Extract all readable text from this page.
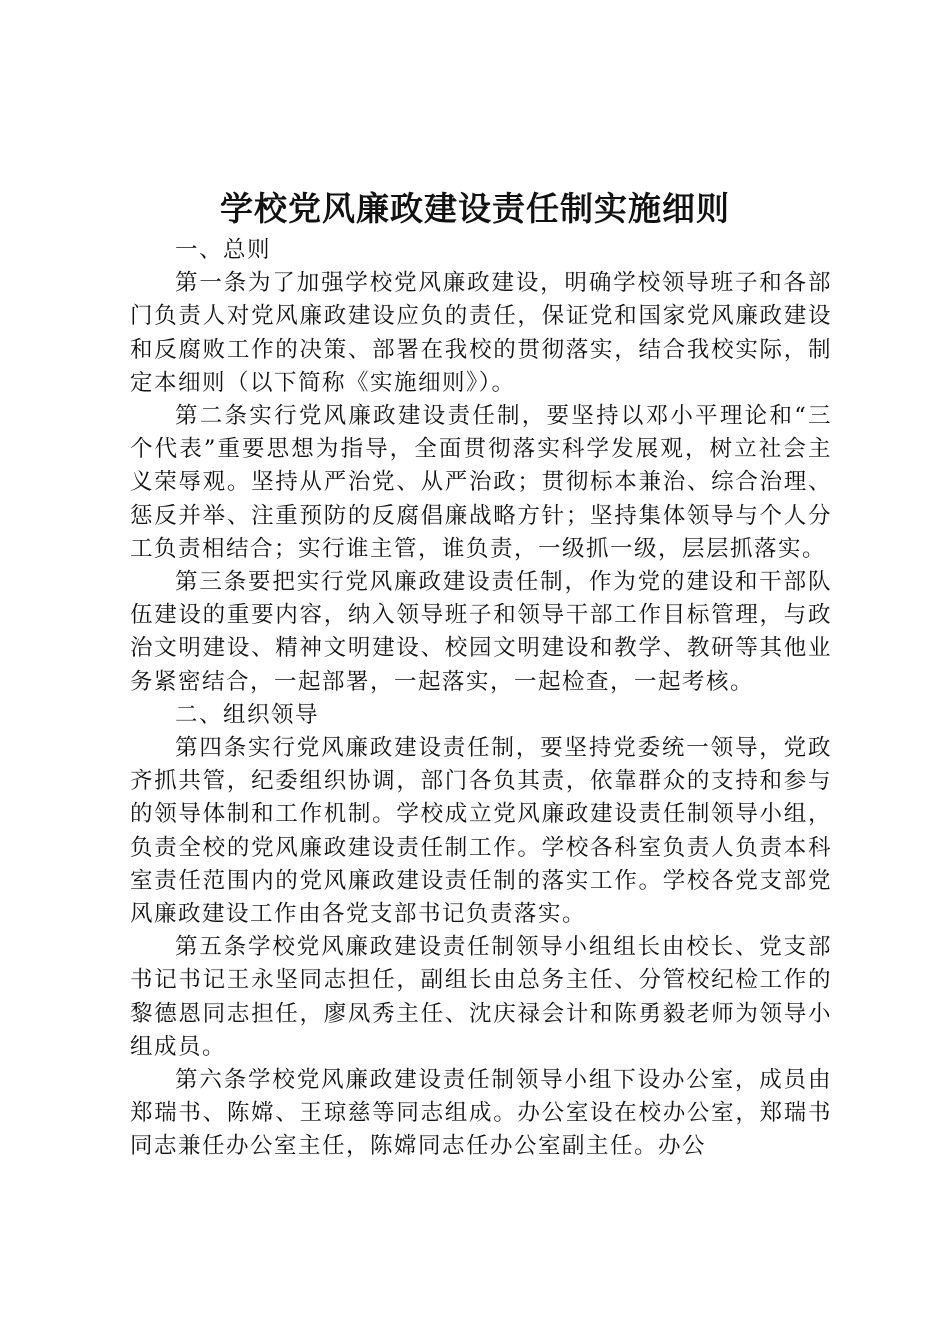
学校党风廉政建设责任制实施细则

一、总则

第一条为了加强学校党风廉政建设，明确学校领导班子和各部门负责人对党风廉政建设应负的责任，保证党和国家党风廉政建设和反腐败工作的决策、部署在我校的贯彻落实，结合我校实际，制定本细则（以下简称《实施细则》）。

第二条实行党风廉政建设责任制，要坚持以邓小平理论和“三个代表”重要思想为指导，全面贯彻落实科学发展观，树立社会主义荣辱观。坚持从严治党、从严治政；贯彻标本兼治、综合治理、惩反并举、注重预防的反腐倡廉战略方针；坚持集体领导与个人分工负责相结合；实行谁主管，谁负责，一级抓一级，层层抓落实。

第三条要把实行党风廉政建设责任制，作为党的建设和干部队伍建设的重要内容，纳入领导班子和领导干部工作目标管理，与政治文明建设、精神文明建设、校园文明建设和教学、教研等其他业务紧密结合，一起部署，一起落实，一起检查，一起考核。

二、组织领导

第四条实行党风廉政建设责任制，要坚持党委统一领导，党政齐抓共管，纪委组织协调，部门各负其责，依靠群众的支持和参与的领导体制和工作机制。学校成立党风廉政建设责任制领导小组，负责全校的党风廉政建设责任制工作。学校各科室负责人负责本科室责任范围内的党风廉政建设责任制的落实工作。学校各党支部党风廉政建设工作由各党支部书记负责落实。

第五条学校党风廉政建设责任制领导小组组长由校长、党支部书记书记王永坚同志担任，副组长由总务主任、分管校纪检工作的黎德恩同志担任，廖凤秀主任、沈庆禄会计和陈勇毅老师为领导小组成员。

第六条学校党风廉政建设责任制领导小组下设办公室，成员由郑瑞书、陈嫦、王琼慈等同志组成。办公室设在校办公室，郑瑞书同志兼任办公室主任，陈嫦同志任办公室副主任。办公
